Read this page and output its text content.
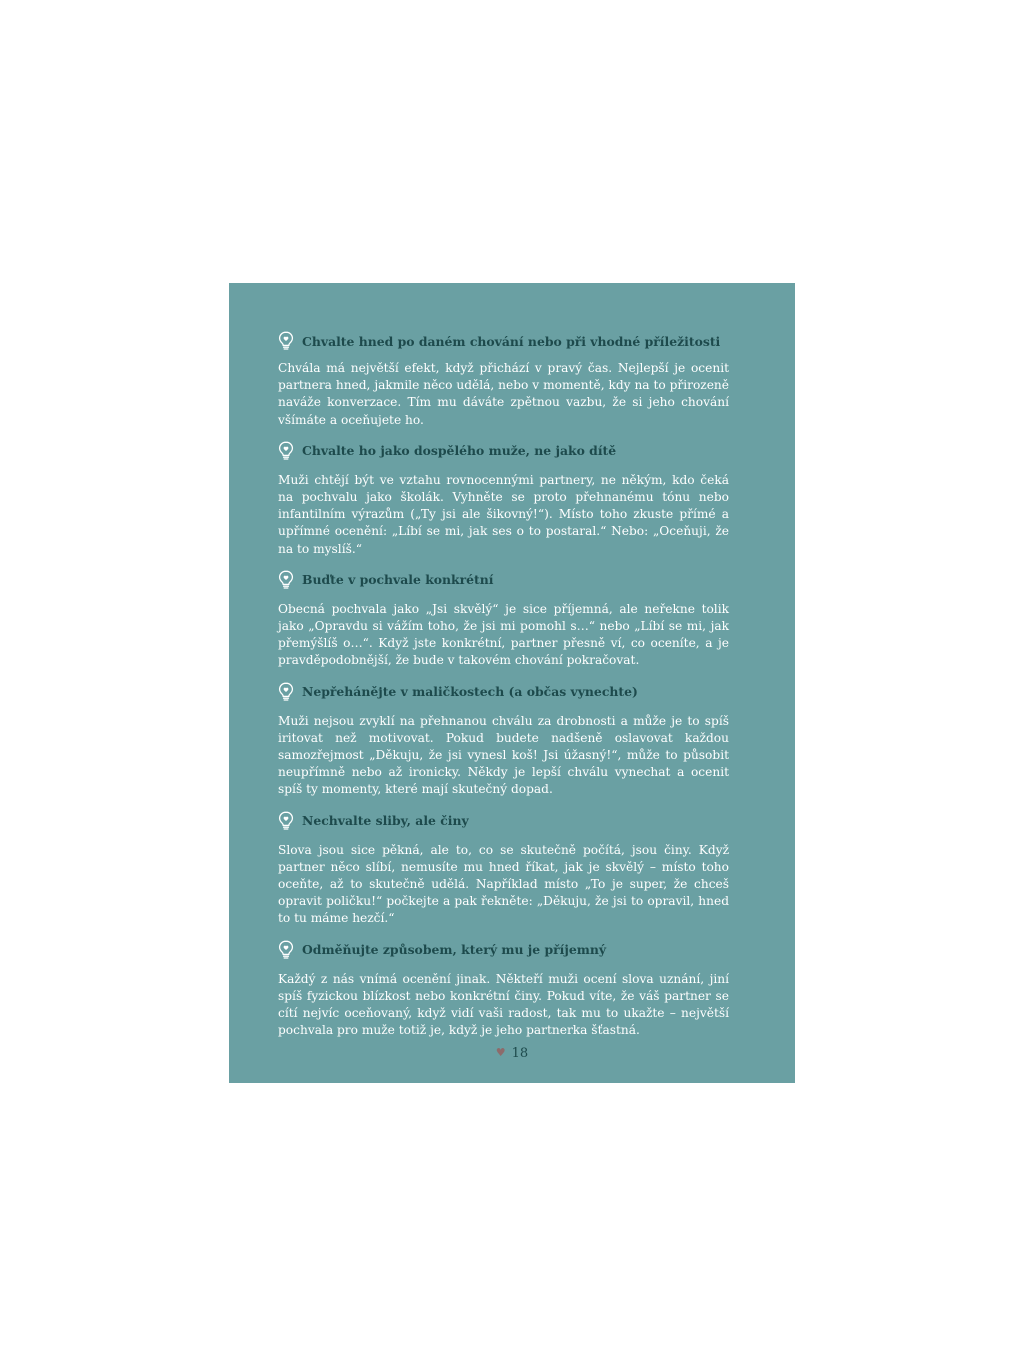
Chvalte hned po daném chování nebo při vhodné příležitosti
Chvála má největší efekt, když přichází v pravý čas. Nejlepší je ocenit partnera hned, jakmile něco udělá, nebo v momentě, kdy na to přirozeně naváže konverzace. Tím mu dáváte zpětnou vazbu, že si jeho chování všímáte a oceňujete ho.
Chvalte ho jako dospělého muže, ne jako dítě
Muži chtějí být ve vztahu rovnocennými partnery, ne někým, kdo čeká na pochvalu jako školák. Vyhněte se proto přehnanému tónu nebo infantilním výrazům („Ty jsi ale šikovný!“). Místo toho zkuste přímé a upřímné ocenění: „Líbí se mi, jak ses o to postaral.“ Nebo: „Oceňuji, že na to myslíš.“
Buďte v pochvale konkrétní
Obecná pochvala jako „Jsi skvělý“ je sice příjemná, ale neřekne tolik jako „Opravdu si vážím toho, že jsi mi pomohl s…“ nebo „Líbí se mi, jak přemýšlíš o…“. Když jste konkrétní, partner přesně ví, co oceníte, a je pravděpodobnější, že bude v takovém chování pokračovat.
Nepřeháněјte v maličkostech (a občas vynechte)
Muži nejsou zvyklí na přehnanou chválu za drobnosti a může je to spíš iritovat než motivovat. Pokud budete nadšeně oslavovat každou samozřejmost „Děkuju, že jsi vynesl koš! Jsi úžasný!“, může to působit neupřímně nebo až ironicky. Někdy je lepší chválu vynechat a ocenit spíš ty momenty, které mají skutečný dopad.
Nechvalte sliby, ale činy
Slova jsou sice pěkná, ale to, co se skutečně počítá, jsou činy. Když partner něco slíbí, nemusíte mu hned říkat, jak je skvělý – místo toho oceňte, až to skutečně udělá. Například místo „To je super, že chceš opravit poličku!“ počkejte a pak řekněte: „Děkuju, že jsi to opravil, hned to tu máme hezčí.“
Odměňujte způsobem, který mu je příjemný
Každý z nás vnímá ocenění jinak. Někteří muži ocení slova uznání, jiní spíš fyzickou blízkost nebo konkrétní činy. Pokud víte, že váš partner se cítí nejvíc oceňovaný, když vidí vaši radost, tak mu to ukažte – největší pochvala pro muže totiž je, když je jeho partnerka šťastná.
♥ 18
